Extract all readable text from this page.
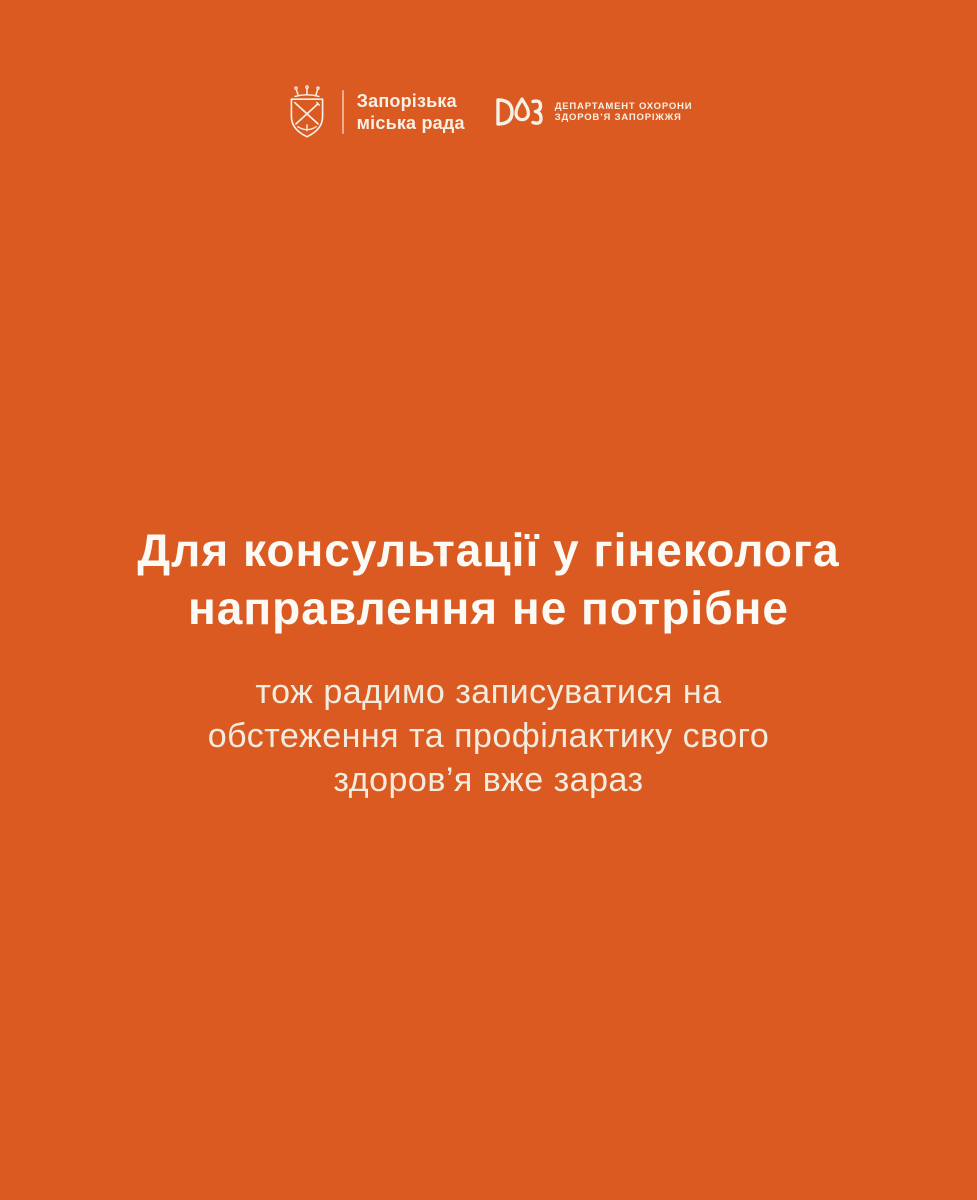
Запорізька
міська рада
ДЕПАРТАМЕНТ ОХОРОНИ
ЗДОРОВ’Я ЗАПОРІЖЖЯ
Для консультації у гінеколога
направлення не потрібне

тож радимо записуватися на
обстеження та профілактику свого
здоров’я вже зараз
